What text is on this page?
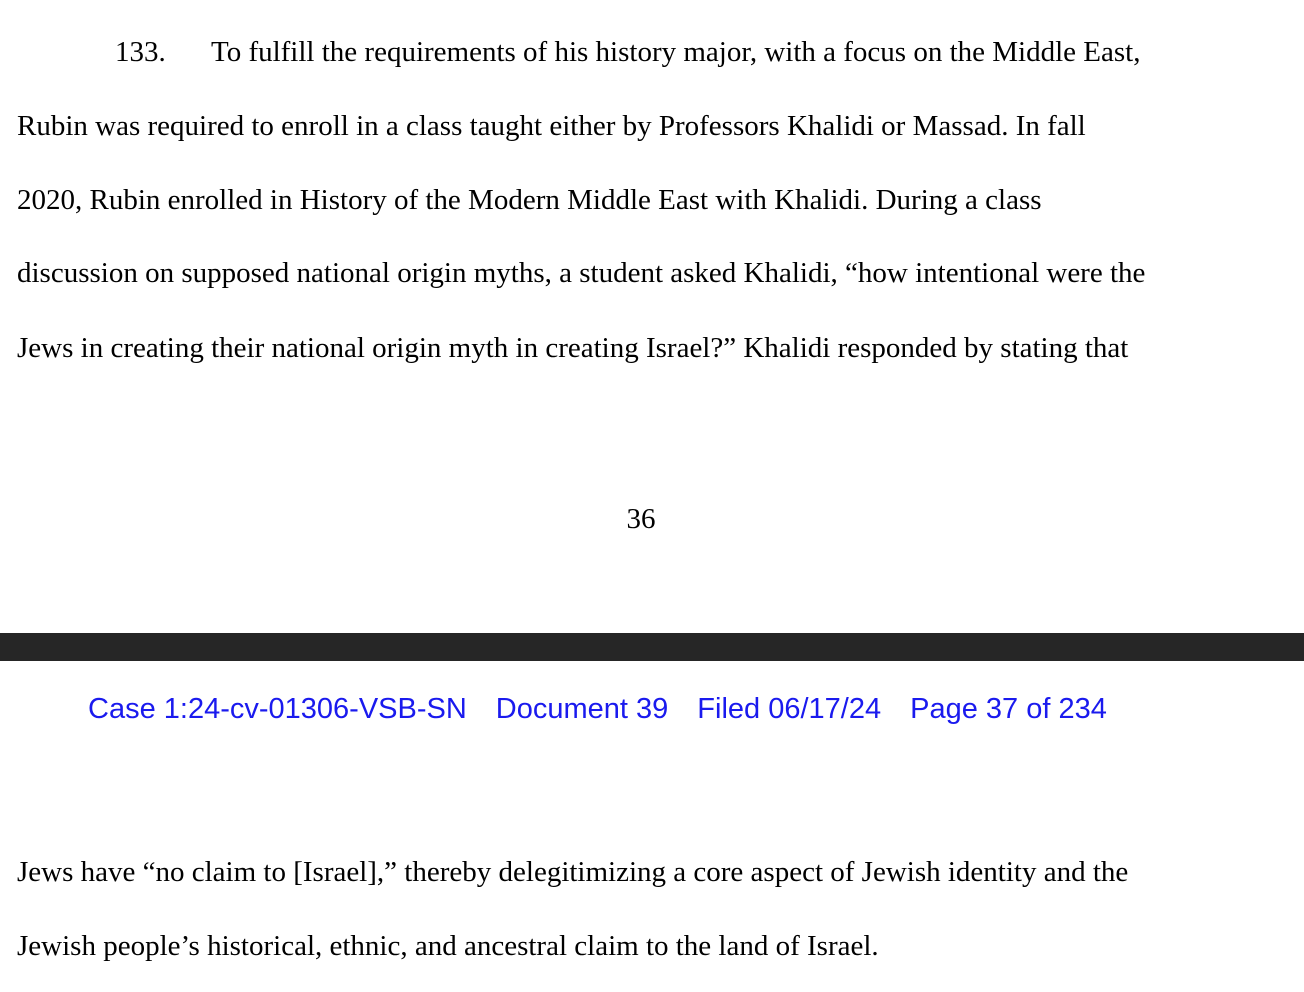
133. To fulfill the requirements of his history major, with a focus on the Middle East,
Rubin was required to enroll in a class taught either by Professors Khalidi or Massad. In fall
2020, Rubin enrolled in History of the Modern Middle East with Khalidi. During a class
discussion on supposed national origin myths, a student asked Khalidi, “how intentional were the
Jews in creating their national origin myth in creating Israel?” Khalidi responded by stating that
36
Case 1:24-cv-01306-VSB-SN Document 39 Filed 06/17/24 Page 37 of 234
Jews have “no claim to [Israel],” thereby delegitimizing a core aspect of Jewish identity and the
Jewish people’s historical, ethnic, and ancestral claim to the land of Israel.
